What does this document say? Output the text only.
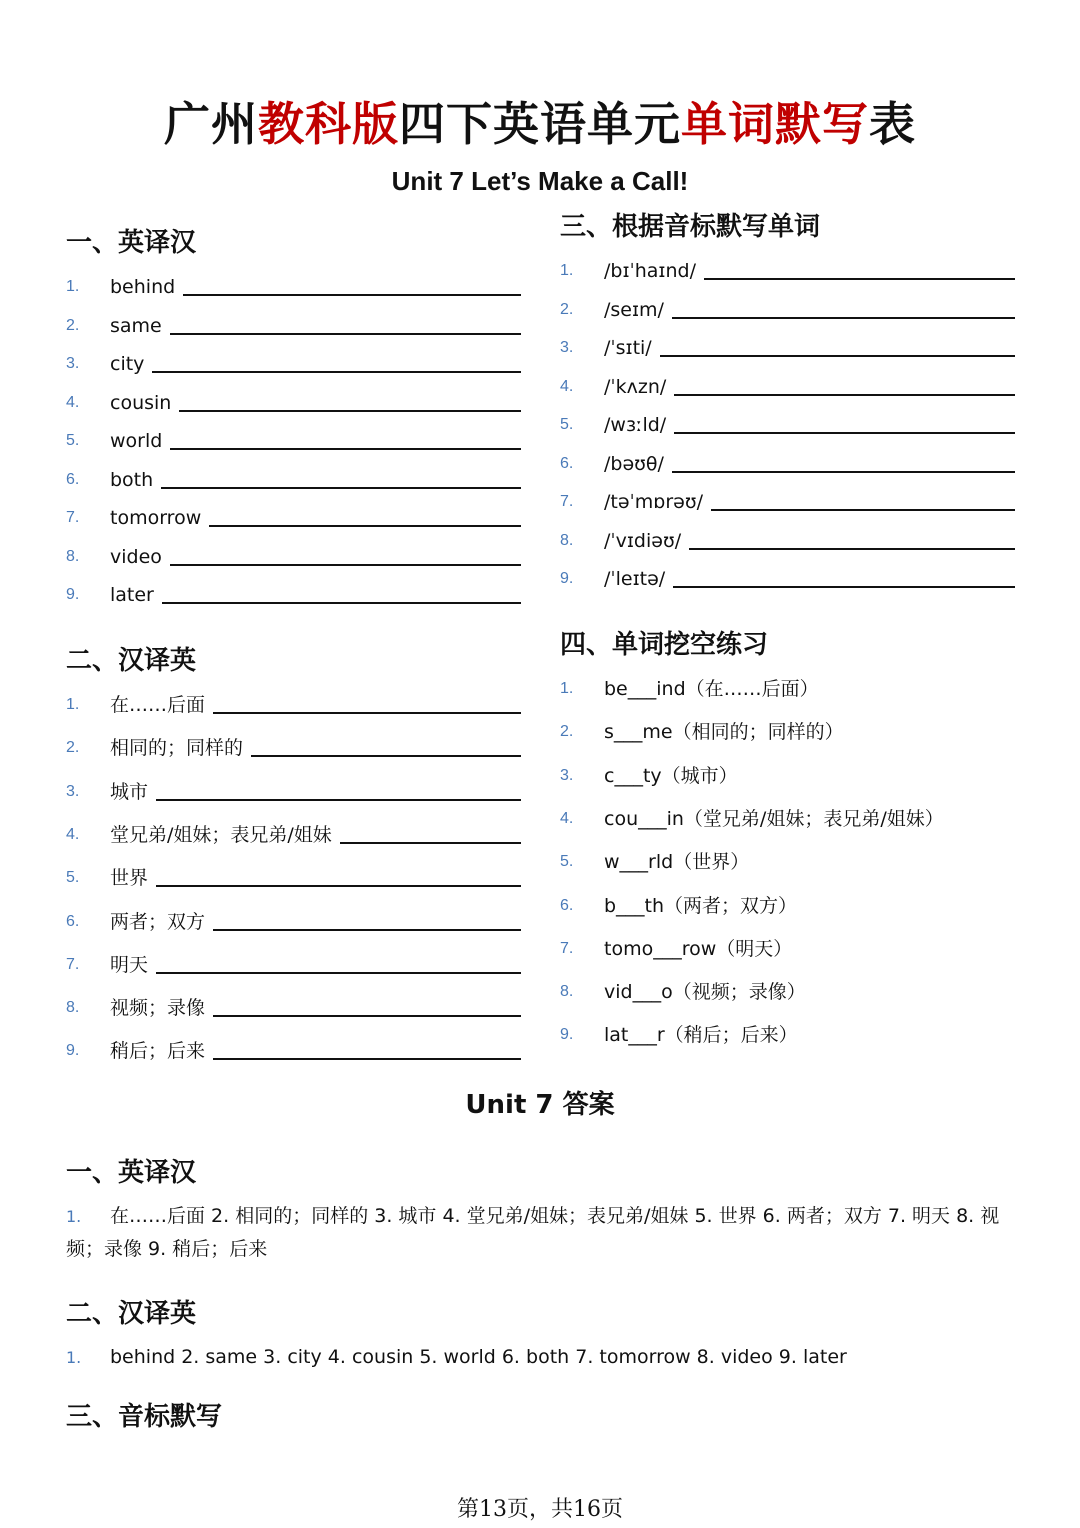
广州教科版四下英语单元单词默写表
Unit 7 Let’s Make a Call!
一、英译汉
1.	behind
2.	same
3.	city
4.	cousin
5.	world
6.	both
7.	tomorrow
8.	video
9.	later
二、汉译英
1.	在……后面
2.	相同的；同样的
3.	城市
4.	堂兄弟/姐妹；表兄弟/姐妹
5.	世界
6.	两者；双方
7.	明天
8.	视频；录像
9.	稍后；后来
三、根据音标默写单词
1.	/bɪˈhaɪnd/
2.	/seɪm/
3.	/ˈsɪti/
4.	/ˈkʌzn/
5.	/wɜːld/
6.	/bəʊθ/
7.	/təˈmɒrəʊ/
8.	/ˈvɪdiəʊ/
9.	/ˈleɪtə/
四、单词挖空练习
1.	be___ind（在……后面）
2.	s___me（相同的；同样的）
3.	c___ty（城市）
4.	cou___in（堂兄弟/姐妹；表兄弟/姐妹）
5.	w___rld（世界）
6.	b___th（两者；双方）
7.	tomo___row（明天）
8.	vid___o（视频；录像）
9.	lat___r（稍后；后来）
Unit 7 答案
一、英译汉
1. 在……后面 2. 相同的；同样的 3. 城市 4. 堂兄弟/姐妹；表兄弟/姐妹 5. 世界 6. 两者；双方 7. 明天 8. 视频；录像 9. 稍后；后来
二、汉译英
1. behind 2. same 3. city 4. cousin 5. world 6. both 7. tomorrow 8. video 9. later
三、音标默写
第13页，共16页
